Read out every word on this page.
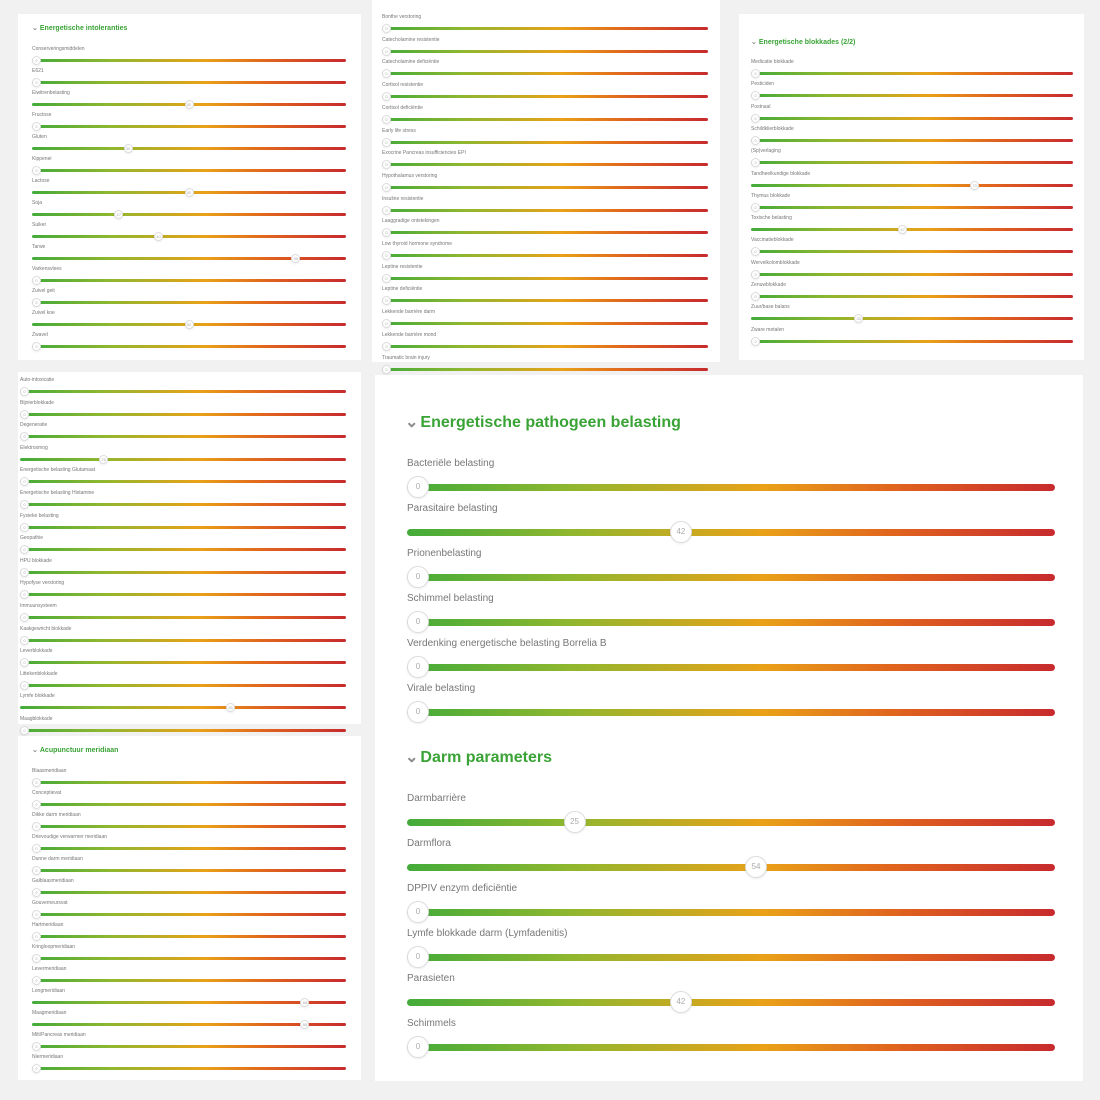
⌄ Energetische intoleranties
Conserveringsmiddelen
0
E621
0
Eiwitrenbelasting
50
Fructose
0
Gluten
30
Kippenei
0
Lactose
50
Soja
27
Suiker
40
Tarwe
85
Varkensvlees
0
Zuivel geit
0
Zuivel koe
50
Zwavel
0
Bonthe verstoring
0
Catecholamine resistentie
0
Catecholamine deficiëntie
0
Cortisol resistentie
0
Cortisol deficiëntie
0
Early life stress
0
Exocrine Pancreas insufficiencies EPI
0
Hypothalamus verstoring
0
Insuline resistentie
0
Laaggradige ontstekingen
0
Low thyroid hormone syndrome
0
Leptine resistentie
0
Leptine deficiëntie
0
Lekkende barrière darm
0
Lekkende barrière mond
0
Traumatic brain injury
0
⌄ Energetische blokkades (2/2)
Medicatie blokkade
0
Pesticiden
0
Postnaal
0
Schildklierblokkade
0
(Sp)verlaging
0
Tandheelkundige blokkade
70
Thymus blokkade
0
Toxische belasting
47
Vaccinatieblokkade
0
Wervelkolomblokkade
0
Zenuwblokkade
0
Zuur/base balans
33
Zware metalen
0
Auto-intoxicatie
0
Bijnierblokkade
0
Degeneratie
0
Elektrosmog
25
Energetische belasting Glutamaat
0
Energetische belasting Histamine
0
Fysieke belasting
0
Geopathie
0
HPU blokkade
0
Hypofyse verstoring
0
Immuunsysteem
0
Kaakgewricht blokkade
0
Leverblokkade
0
Littekenblokkade
0
Lymfe blokkade
65
Maagblokkade
0
⌄ Acupunctuur meridiaan
Blaasmeridiaan
0
Conceptievat
0
Dikke darm meridiaan
0
Drievoudige verwarmer meridiaan
0
Dunne darm meridiaan
0
Galblaasmeridiaan
0
Gouverneursvat
0
Hartmeridiaan
0
Kringloopmeridiaan
0
Levermeridiaan
0
Longmeridiaan
88
Maagmeridiaan
88
Milt/Pancreas meridiaan
0
Niermeridiaan
0
⌄ Energetische pathogeen belasting
Bacteriële belasting
0
Parasitaire belasting
42
Prionenbelasting
0
Schimmel belasting
0
Verdenking energetische belasting Borrelia B
0
Virale belasting
0
⌄ Darm parameters
Darmbarrière
25
Darmflora
54
DPPIV enzym deficiëntie
0
Lymfe blokkade darm (Lymfadenitis)
0
Parasieten
42
Schimmels
0
